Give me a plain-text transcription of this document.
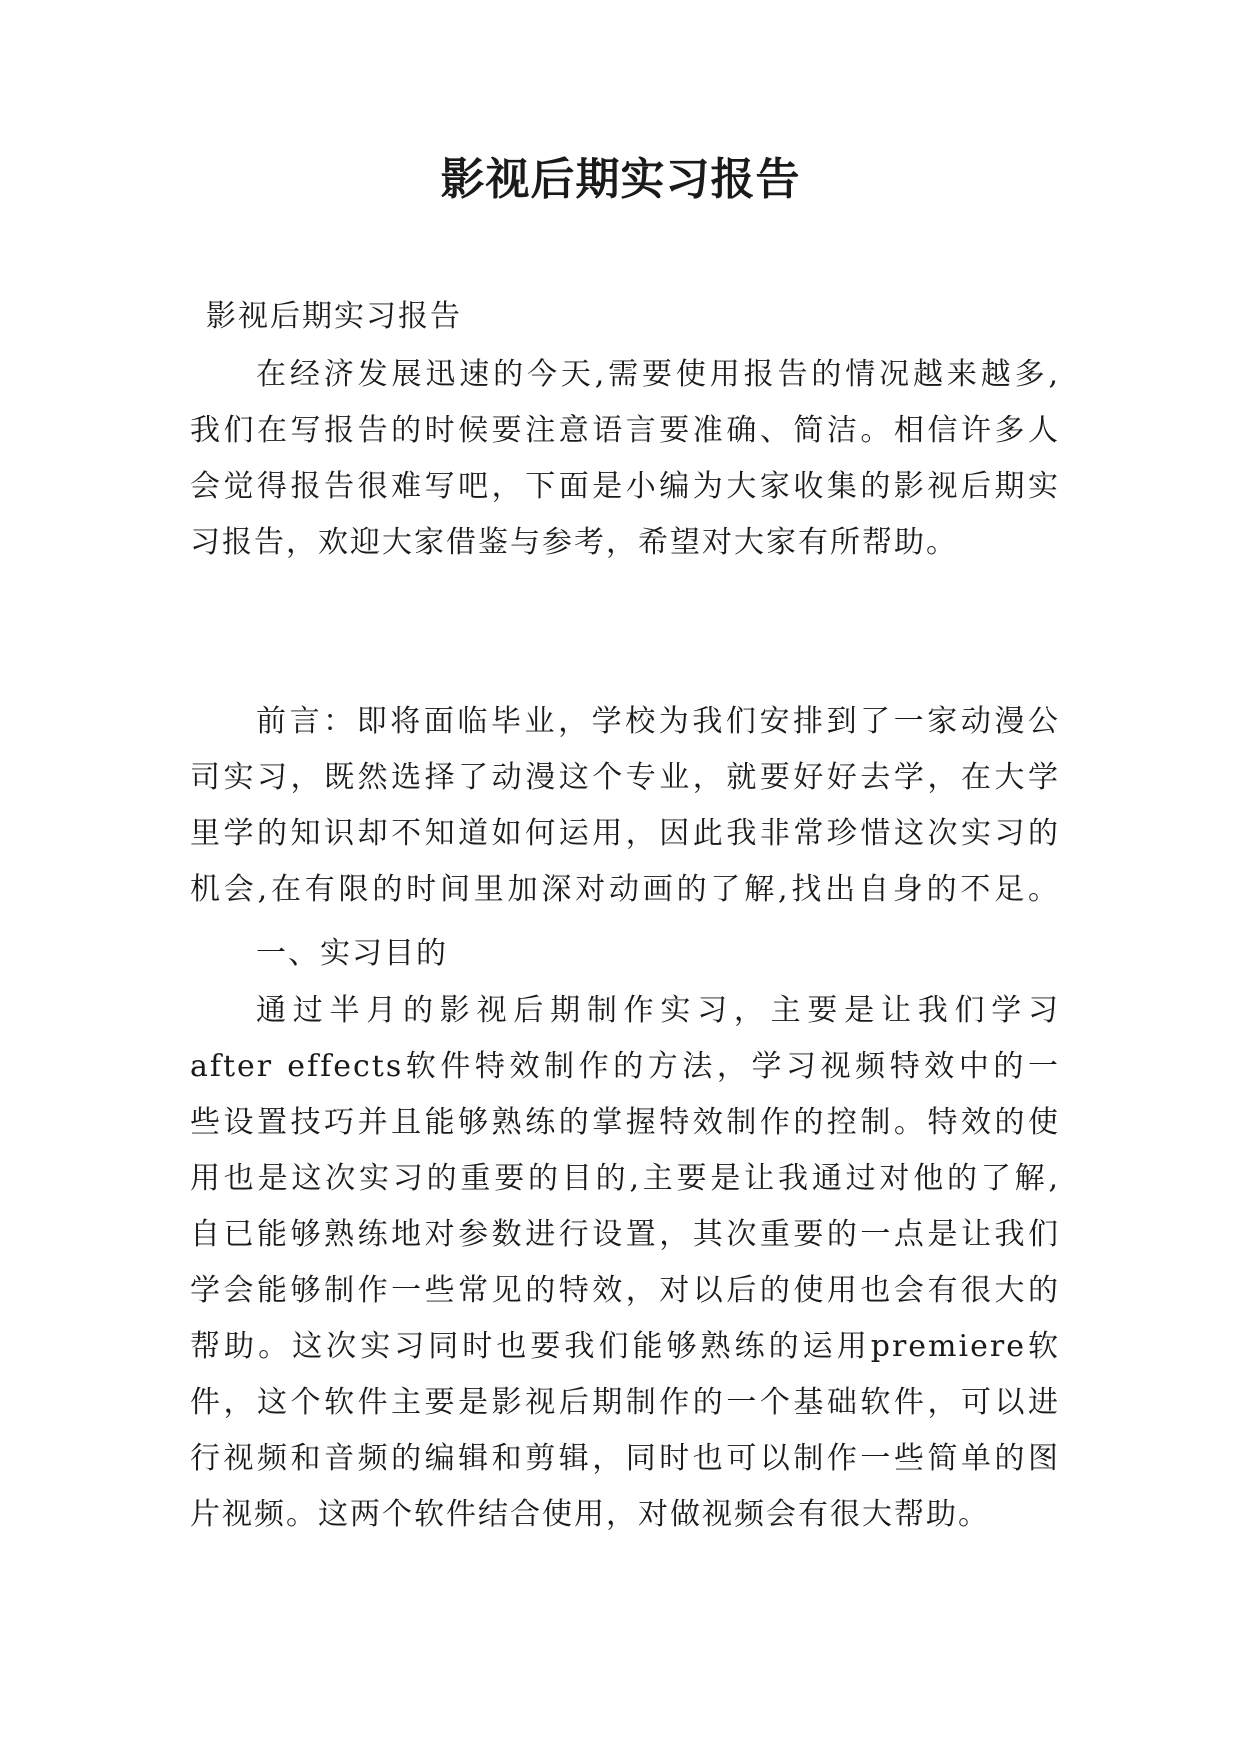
影视后期实习报告

影视后期实习报告

在经济发展迅速的今天,需要使用报告的情况越来越多,
我们在写报告的时候要注意语言要准确、简洁。相信许多人
会觉得报告很难写吧，下面是小编为大家收集的影视后期实
习报告，欢迎大家借鉴与参考，希望对大家有所帮助。
前言：即将面临毕业，学校为我们安排到了一家动漫公
司实习，既然选择了动漫这个专业，就要好好去学，在大学
里学的知识却不知道如何运用，因此我非常珍惜这次实习的
机会,在有限的时间里加深对动画的了解,找出自身的不足。
一、实习目的
通过半月的影视后期制作实习，主要是让我们学习
after effects软件特效制作的方法，学习视频特效中的一
些设置技巧并且能够熟练的掌握特效制作的控制。特效的使
用也是这次实习的重要的目的,主要是让我通过对他的了解,
自已能够熟练地对参数进行设置，其次重要的一点是让我们
学会能够制作一些常见的特效，对以后的使用也会有很大的
帮助。这次实习同时也要我们能够熟练的运用premiere软
件，这个软件主要是影视后期制作的一个基础软件，可以进
行视频和音频的编辑和剪辑，同时也可以制作一些简单的图
片视频。这两个软件结合使用，对做视频会有很大帮助。
